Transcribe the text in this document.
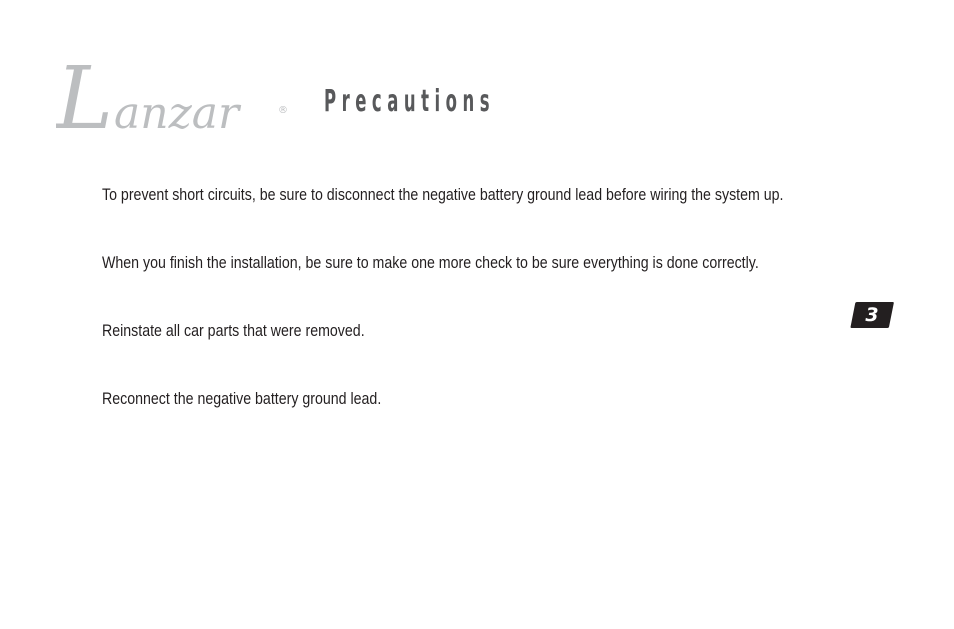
L anzar	® Precautions

To prevent short circuits, be sure to disconnect the negative battery ground lead before wiring the system up.

When you finish the installation, be sure to make one more check to be sure everything is done correctly.

Reinstate all car parts that were removed.

Reconnect the negative battery ground lead.

3
